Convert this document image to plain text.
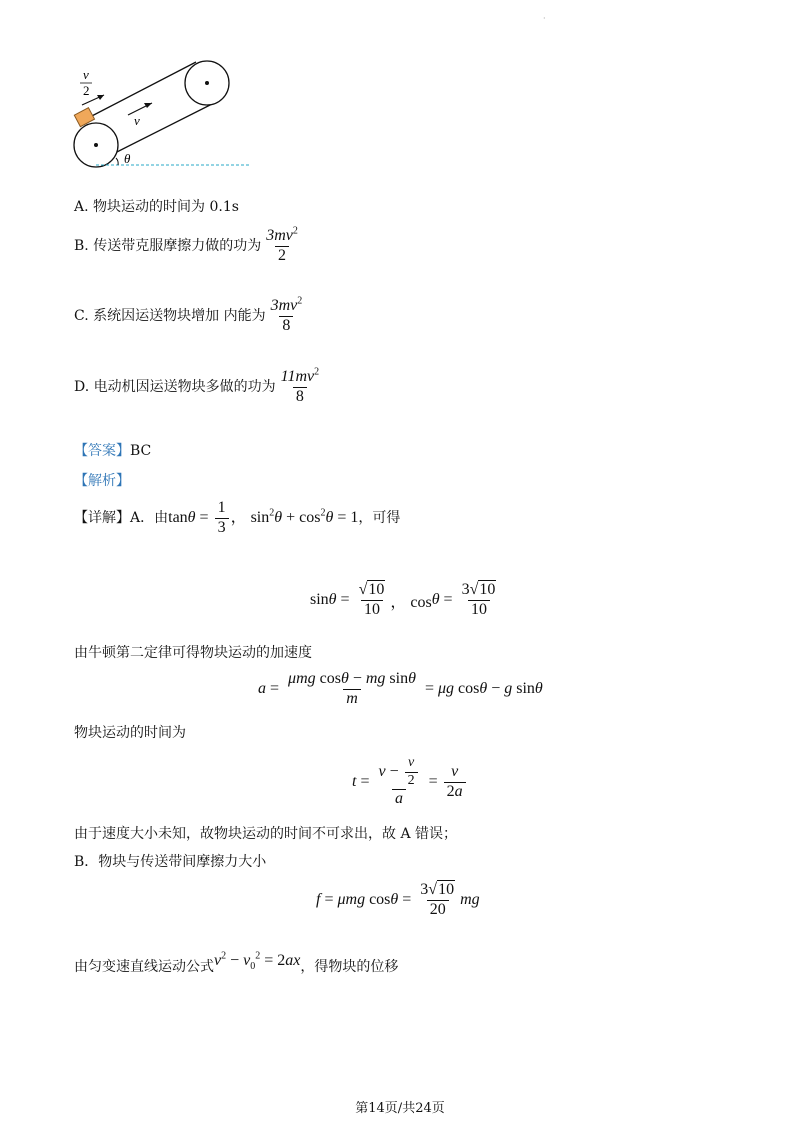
·
v
2
v
θ
A. 物块运动的时间为 0.1s
B. 传送带克服摩擦力做的功为 $\frac{3mv^2}{2}$
C. 系统因运送物块增加 内能为 $\frac{3mv^2}{8}$
D. 电动机因运送物块多做的功为 $\frac{11mv^2}{8}$
【答案】BC
【解析】
【详解】 A．由 $\tan\theta = \frac{1}{3}$ ， $\sin^2\theta + \cos^2\theta = 1$ ，可得
$\sin \theta = \frac{√10}{10}$ ， $\cos \theta = \frac{3√10}{10}$
由牛顿第二定律可得物块运动的加速度
$a = \frac{\text{μmg cosθ − mg sinθ}}{m} = \mu g$ cos θ − g sin θ
物块运动的时间为
$t = \frac{v - \frac{v}{2}}{a} = \frac{v}{2a}$
由于速度大小未知，故物块运动的时间不可求出，故 A 错误；
B．物块与传送带间摩擦力大小
f = μmg $\cos \theta = \frac{3√10}{20}$ mg
由匀变速直线运动公式 $v^2 - v_0^2 = 2ax$ ，得物块的位移
第14页/共24页
